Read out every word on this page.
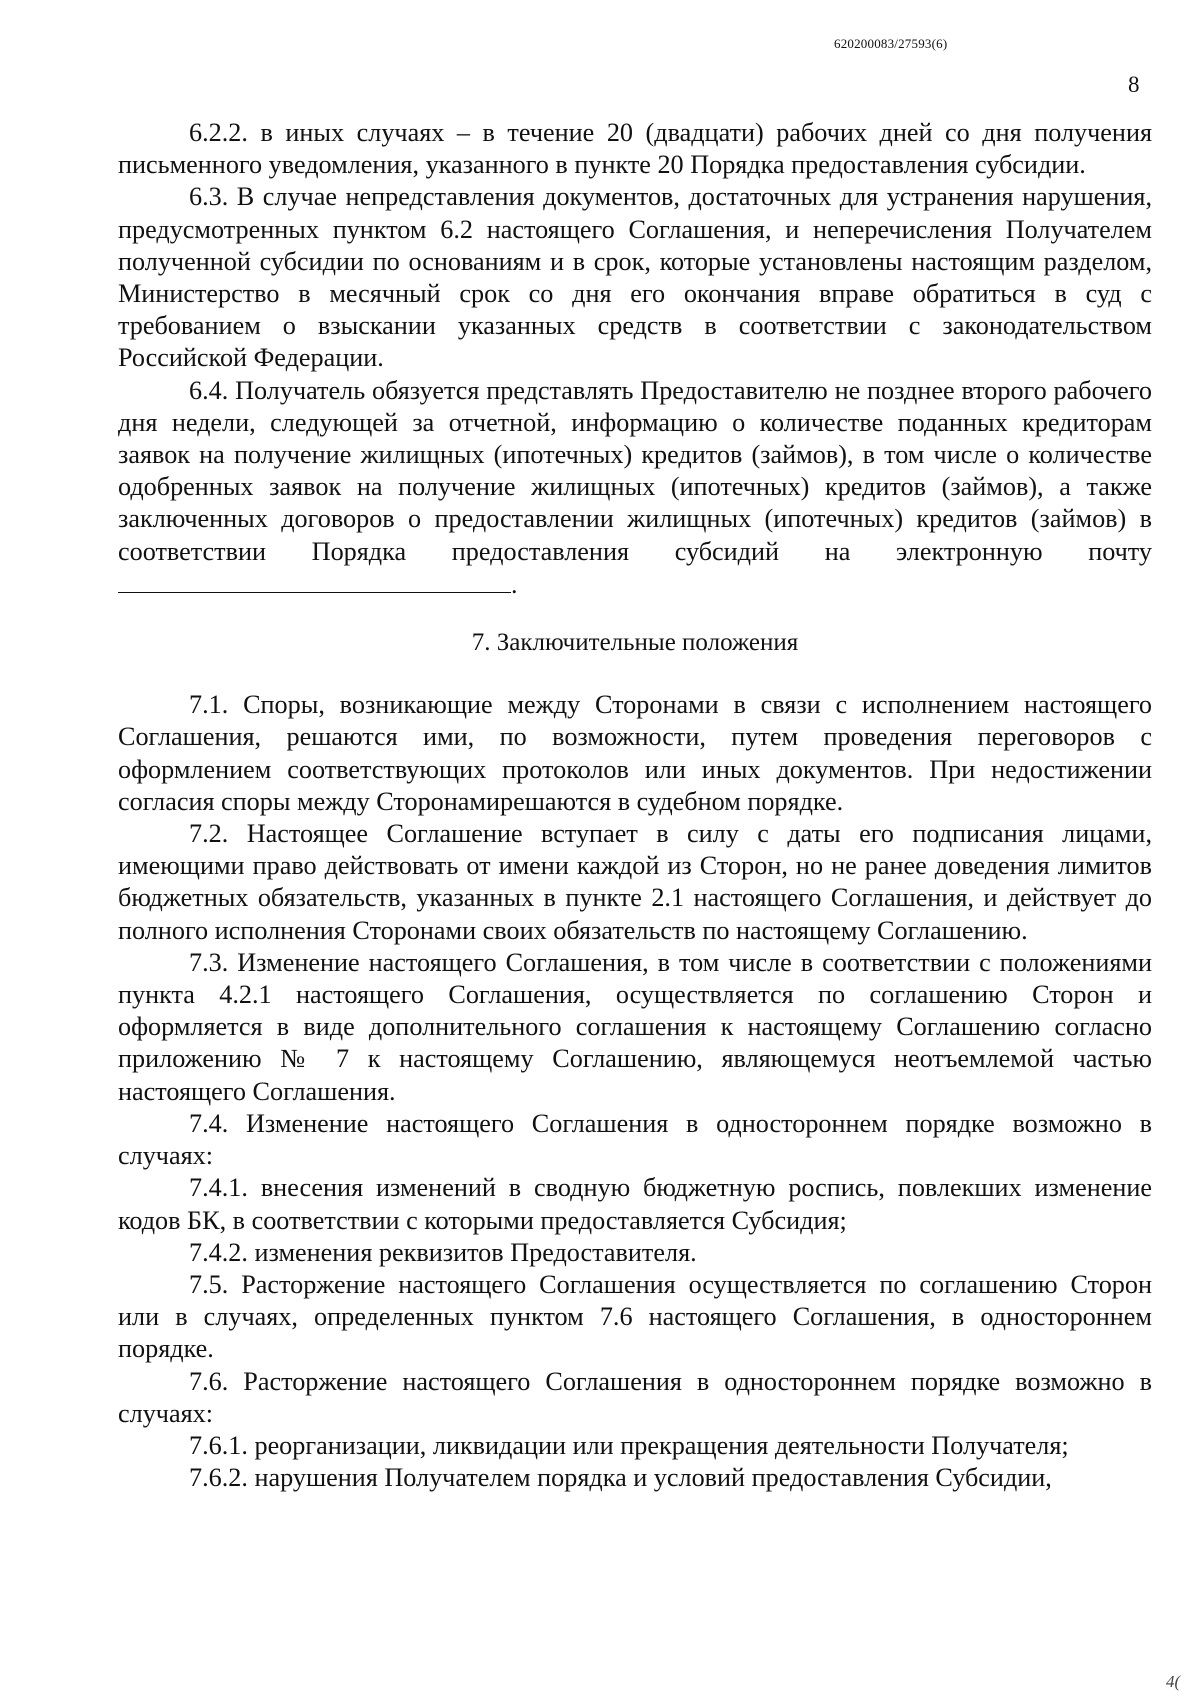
620200083/27593(6)
8

6.2.2. в иных случаях – в течение 20 (двадцати) рабочих дней со дня получения письменного уведомления, указанного в пункте 20 Порядка предоставления субсидии.

6.3. В случае непредставления документов, достаточных для устранения нарушения, предусмотренных пунктом 6.2 настоящего Соглашения, и неперечисления Получателем полученной субсидии по основаниям и в срок, которые установлены настоящим разделом, Министерство в месячный срок со дня его окончания вправе обратиться в суд с требованием о взыскании указанных средств в соответствии с законодательством Российской Федерации.

6.4. Получатель обязуется представлять Предоставителю не позднее второго рабочего дня недели, следующей за отчетной, информацию о количестве поданных кредиторам заявок на получение жилищных (ипотечных) кредитов (займов), в том числе о количестве одобренных заявок на получение жилищных (ипотечных) кредитов (займов), а также заключенных договоров о предоставлении жилищных (ипотечных) кредитов (займов) в соответствии Порядка предоставления субсидий на электронную почту .

7. Заключительные положения

7.1. Споры, возникающие между Сторонами в связи с исполнением настоящего Соглашения, решаются ими, по возможности, путем проведения переговоров с оформлением соответствующих протоколов или иных документов. При недостижении согласия споры между Сторонамирешаются в судебном порядке.

7.2. Настоящее Соглашение вступает в силу с даты его подписания лицами, имеющими право действовать от имени каждой из Сторон, но не ранее доведения лимитов бюджетных обязательств, указанных в пункте 2.1 настоящего Соглашения, и действует до полного исполнения Сторонами своих обязательств по настоящему Соглашению.

7.3. Изменение настоящего Соглашения, в том числе в соответствии с положениями пункта 4.2.1 настоящего Соглашения, осуществляется по соглашению Сторон и оформляется в виде дополнительного соглашения к настоящему Соглашению согласно приложению № 7 к настоящему Соглашению, являющемуся неотъемлемой частью настоящего Соглашения.

7.4. Изменение настоящего Соглашения в одностороннем порядке возможно в случаях:

7.4.1. внесения изменений в сводную бюджетную роспись, повлекших изменение кодов БК, в соответствии с которыми предоставляется Субсидия;

7.4.2. изменения реквизитов Предоставителя.

7.5. Расторжение настоящего Соглашения осуществляется по соглашению Сторон или в случаях, определенных пунктом 7.6 настоящего Соглашения, в одностороннем порядке.

7.6. Расторжение настоящего Соглашения в одностороннем порядке возможно в случаях:

7.6.1. реорганизации, ликвидации или прекращения деятельности Получателя;

7.6.2. нарушения Получателем порядка и условий предоставления Субсидии,

4(
